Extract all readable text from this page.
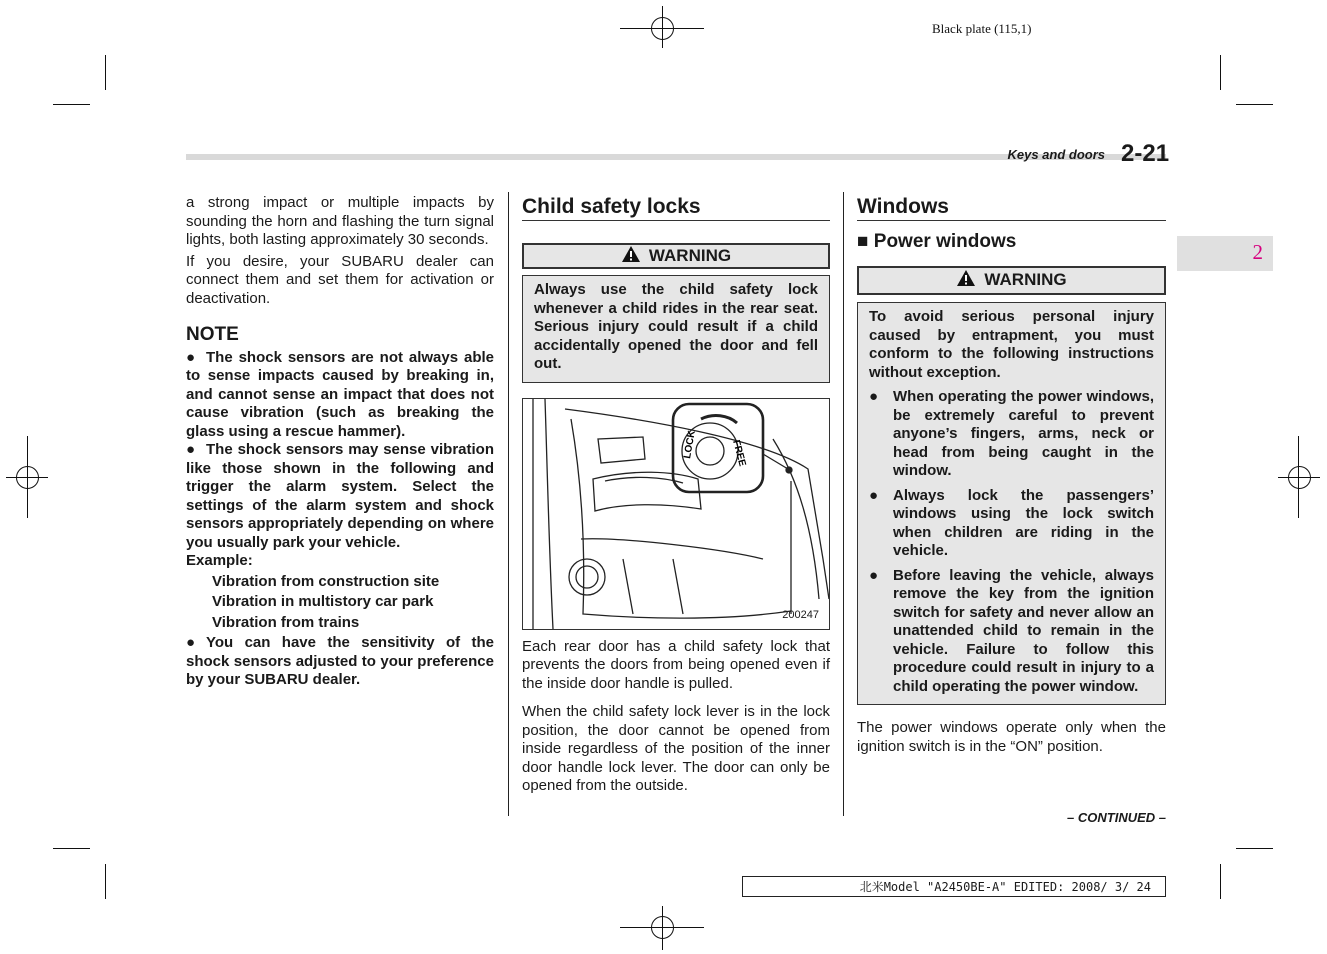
Black plate (115,1)
Keys and doors 2-21
2

a strong impact or multiple impacts by sounding the horn and flashing the turn signal lights, both lasting approximately 30 seconds.

If you desire, your SUBARU dealer can connect them and set them for activation or deactivation.

NOTE
● The shock sensors are not always able to sense impacts caused by breaking in, and cannot sense an impact that does not cause vibration (such as breaking the glass using a rescue hammer).
● The shock sensors may sense vibration like those shown in the following and trigger the alarm system. Select the settings of the alarm system and shock sensors appropriately depending on where you usually park your vehicle.
Example:
Vibration from construction site
Vibration in multistory car park
Vibration from trains
● You can have the sensitivity of the shock sensors adjusted to your preference by your SUBARU dealer.
Child safety locks
WARNING

Always use the child safety lock whenever a child rides in the rear seat. Serious injury could result if a child accidentally opened the door and fell out.

LOCK	FREE
200247

Each rear door has a child safety lock that prevents the doors from being opened even if the inside door handle is pulled.

When the child safety lock lever is in the lock position, the door cannot be opened from inside regardless of the position of the inner door handle lock lever. The door can only be opened from the outside.

Windows
■ Power windows
WARNING

To avoid serious personal injury caused by entrapment, you must conform to the following instructions without exception.

● When operating the power windows, be extremely careful to prevent anyone’s fingers, arms, neck or head from being caught in the window.
● Always lock the passengers’ windows using the lock switch when children are riding in the vehicle.
● Before leaving the vehicle, always remove the key from the ignition switch for safety and never allow an unattended child to remain in the vehicle. Failure to follow this procedure could result in injury to a child operating the power window.

The power windows operate only when the ignition switch is in the “ON” position.

– CONTINUED –
北米Model "A2450BE-A" EDITED: 2008/ 3/ 24
